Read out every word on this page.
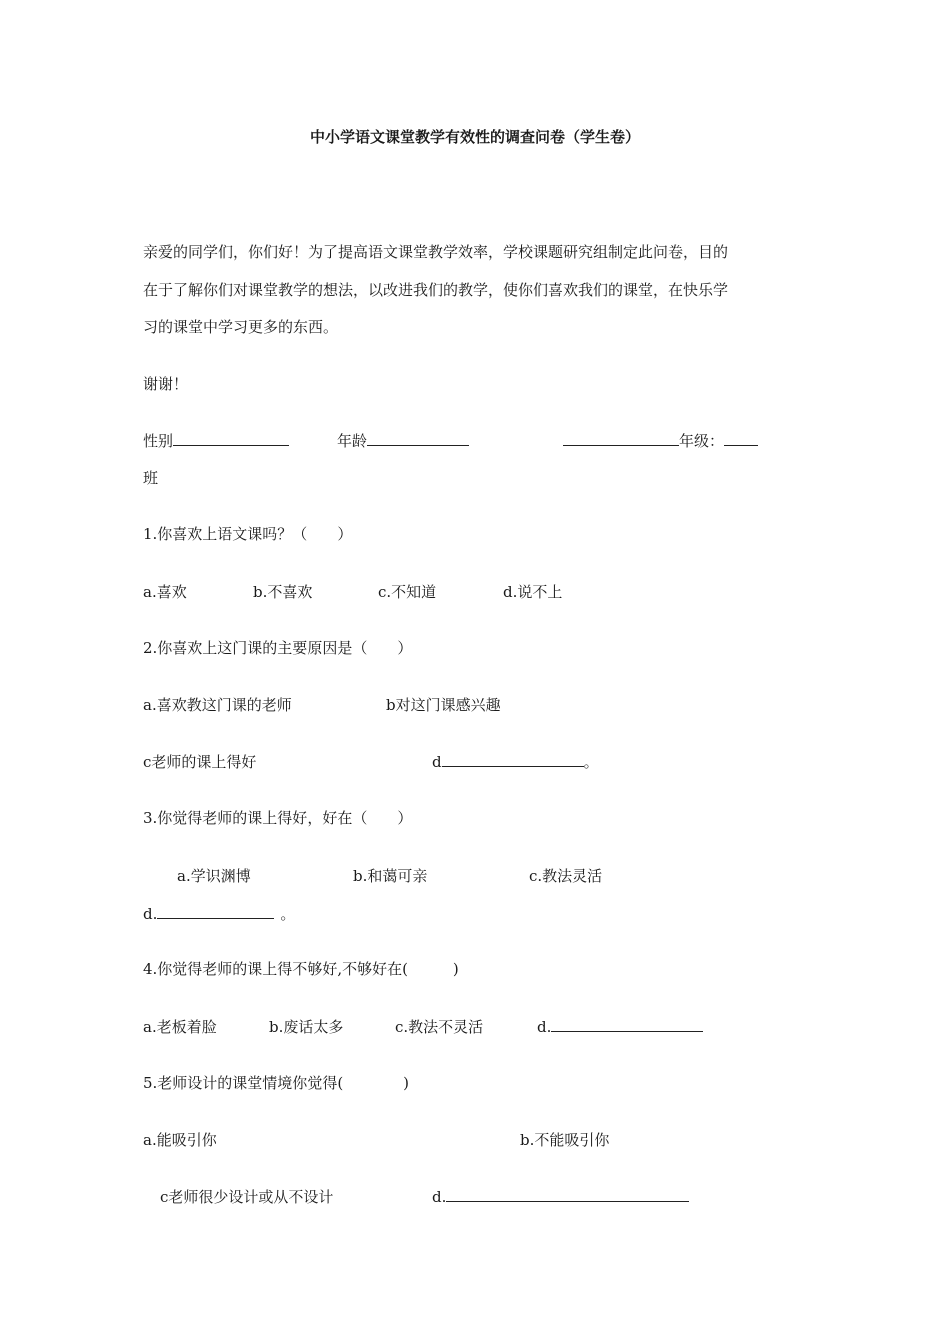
中小学语文课堂教学有效性的调查问卷（学生卷）
亲爱的同学们，你们好！为了提高语文课堂教学效率，学校课题研究组制定此问卷，目的
在于了解你们对课堂教学的想法，以改进我们的教学，使你们喜欢我们的课堂，在快乐学
习的课堂中学习更多的东西。
谢谢！
性别	年龄	年级：
班
1.你喜欢上语文课吗？（　　）
a.喜欢	b.不喜欢	c.不知道	d.说不上
2.你喜欢上这门课的主要原因是（　　）
a.喜欢教这门课的老师	b对这门课感兴趣
c老师的课上得好	d	。
3.你觉得老师的课上得好，好在（　　）
a.学识渊博	b.和蔼可亲	c.教法灵活
d.	。
4.你觉得老师的课上得不够好,不够好在(　　　)
a.老板着脸	b.废话太多	c.教法不灵活	d.
5.老师设计的课堂情境你觉得(　　　　)
a.能吸引你	b.不能吸引你
c老师很少设计或从不设计	d.
